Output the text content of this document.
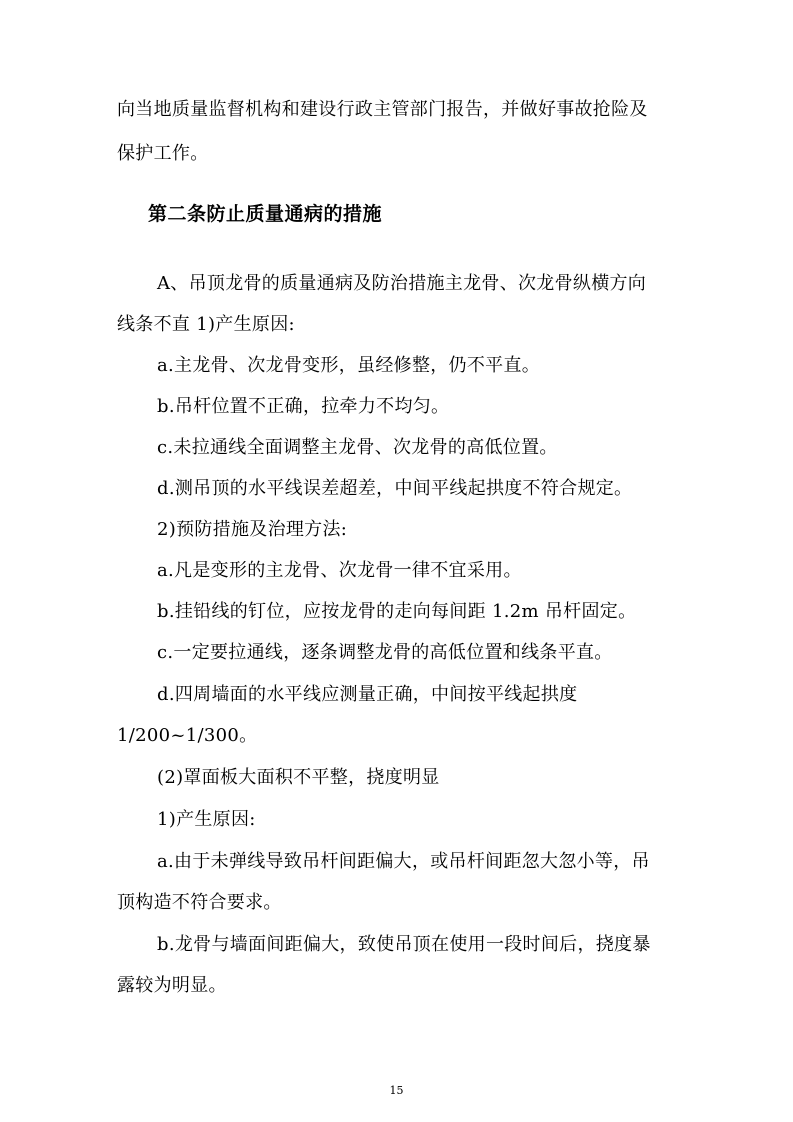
向当地质量监督机构和建设行政主管部门报告，并做好事故抢险及
保护工作。
第二条防止质量通病的措施
A、吊顶龙骨的质量通病及防治措施主龙骨、次龙骨纵横方向
线条不直 1)产生原因:
a.主龙骨、次龙骨变形，虽经修整，仍不平直。
b.吊杆位置不正确，拉牵力不均匀。
c.未拉通线全面调整主龙骨、次龙骨的高低位置。
d.测吊顶的水平线误差超差，中间平线起拱度不符合规定。
2)预防措施及治理方法:
a.凡是变形的主龙骨、次龙骨一律不宜采用。
b.挂铅线的钉位，应按龙骨的走向每间距 1.2m 吊杆固定。
c.一定要拉通线，逐条调整龙骨的高低位置和线条平直。
d.四周墙面的水平线应测量正确，中间按平线起拱度
1/200~1/300。
(2)罩面板大面积不平整，挠度明显
1)产生原因:
a.由于未弹线导致吊杆间距偏大，或吊杆间距忽大忽小等，吊
顶构造不符合要求。
b.龙骨与墙面间距偏大，致使吊顶在使用一段时间后，挠度暴
露较为明显。
15
